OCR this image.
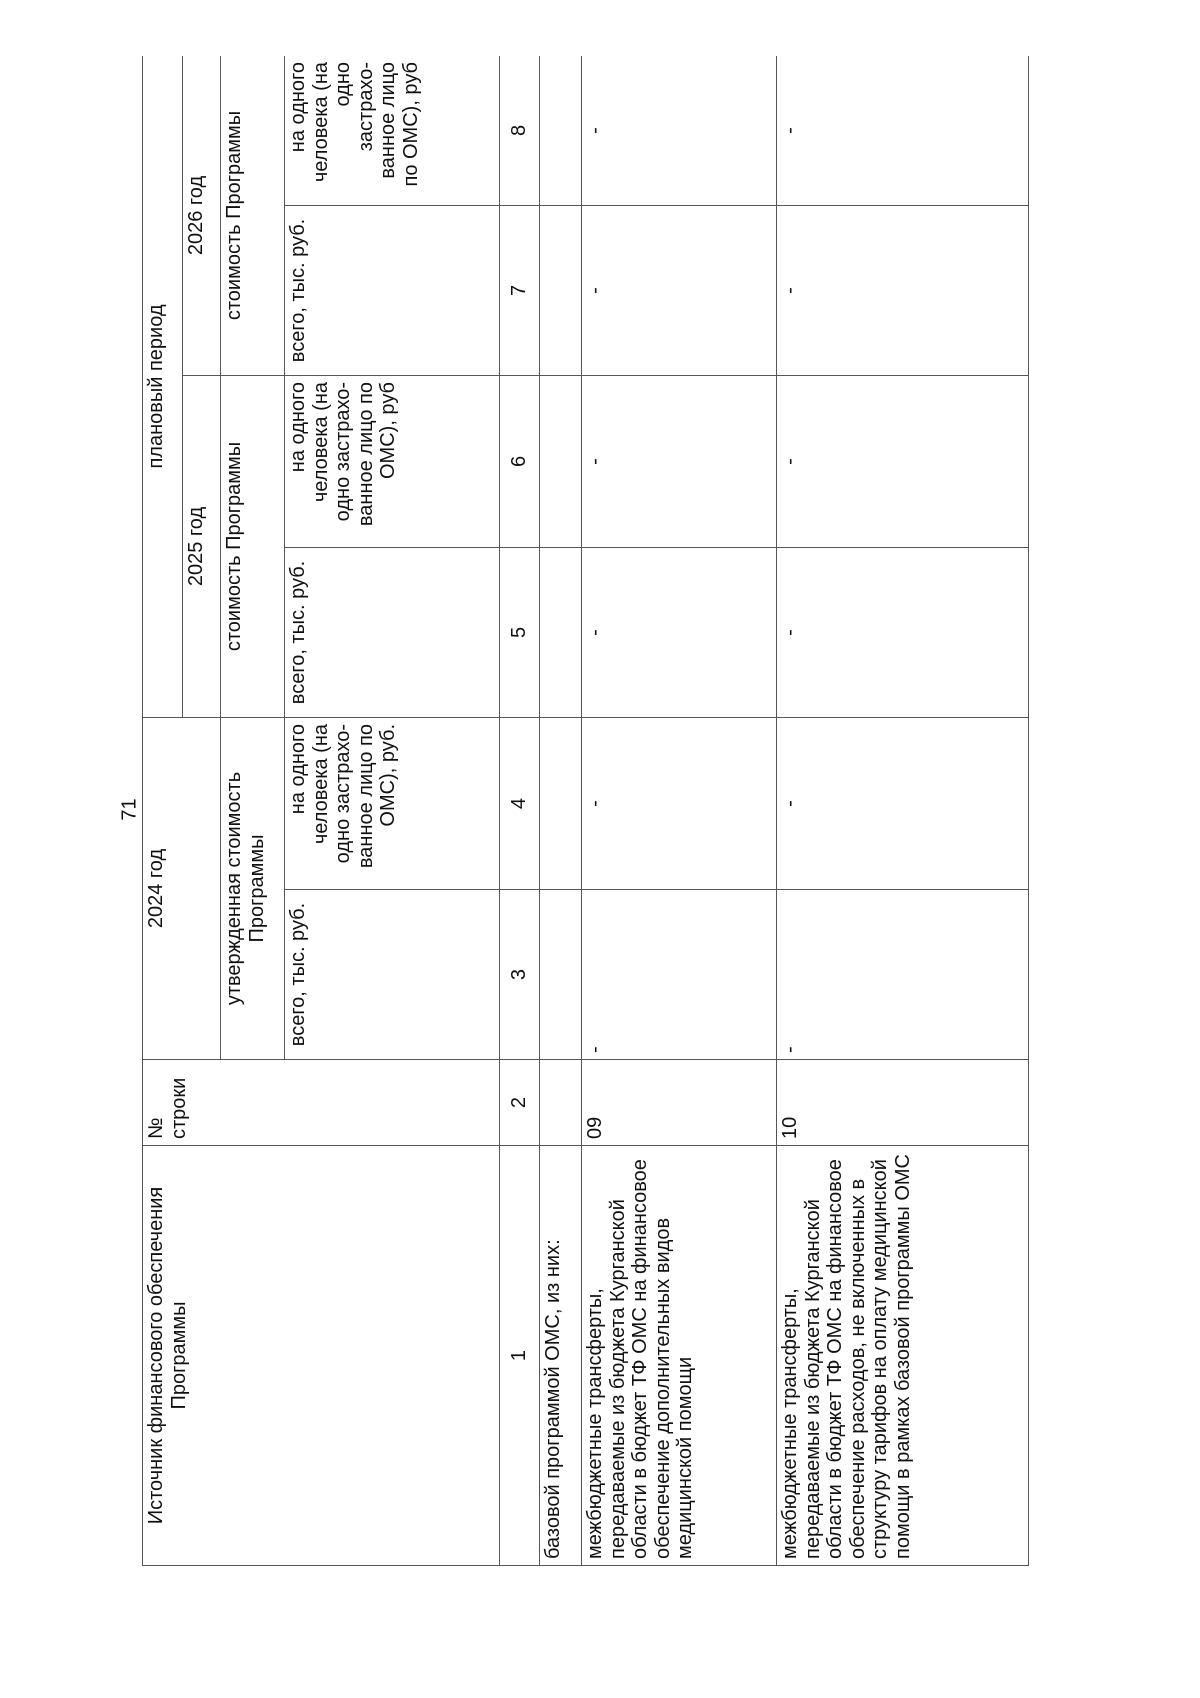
71
Источник финансового обеспечения Программы	№ строки	2024 год		плановый период			
				2025 год		2026 год	
		утвержденная стоимость Программы		стоимость Программы		стоимость Программы	
		всего, тыс. руб.	на одного человека (на одно застрахо-ванное лицо по ОМС), руб.	всего, тыс. руб.	на одного человека (на одно застрахо-ванное лицо по ОМС), руб	всего, тыс. руб.	на одного человека (на одно застрахо-ванное лицо по ОМС), руб
1	2	3	4	5	6	7	8
базовой программой ОМС, из них:							
межбюджетные трансферты, передаваемые из бюджета Курганской области в бюджет ТФ ОМС на финансовое обеспечение дополнительных видов медицинской помощи	09	-	-	-	-	-	-
межбюджетные трансферты, передаваемые из бюджета Курганской области в бюджет ТФ ОМС на финансовое обеспечение расходов, не включенных в структуру тарифов на оплату медицинской помощи в рамках базовой программы ОМС	10	-	-	-	-	-	-
